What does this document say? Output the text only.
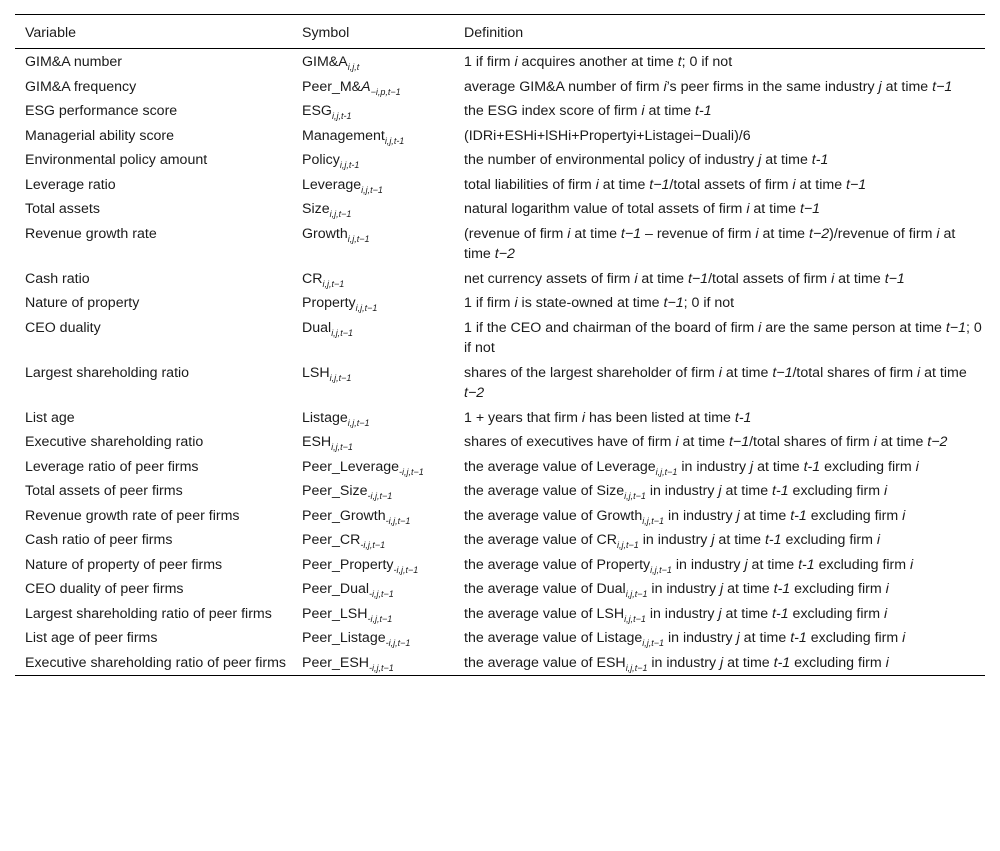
Variable	Symbol	Definition
GIM&A number	$GIM\&A_{i,j,t}$	1 if firm i acquires another at time t; 0 if not
GIM&A frequency	$Peer\_M\&A_{-i,p,t-1}$	average GIM&A number of firm i’s peer firms in the same industry j at time t−1
ESG performance score	$ESG_{i,j,t-1}$	the ESG index score of firm i at time t-1
Managerial ability score	Management$_{i,j,t-1}$	(IDRi+ESHi+lSHi+Propertyi+Listagei−Duali)/6
Environmental policy amount	Policy$_{i,j,t-1}$	the number of environmental policy of industry j at time t-1
Leverage ratio	Leverage$_{i,j,t-1}$	total liabilities of firm i at time t−1/total assets of firm i at time t−1
Total assets	Size$_{i,j,t-1}$	natural logarithm value of total assets of firm i at time t−1
Revenue growth rate	Growth$_{i,j,t-1}$	(revenue of firm i at time t−1 – revenue of firm i at time t−2)/revenue of firm i at time t−2
Cash ratio	$CR_{i,j,t-1}$	net currency assets of firm i at time t−1/total assets of firm i at time t−1
Nature of property	Property$_{i,j,t-1}$	1 if firm i is state-owned at time t−1; 0 if not
CEO duality	Dual$_{i,j,t-1}$	1 if the CEO and chairman of the board of firm i are the same person at time t−1; 0 if not
Largest shareholding ratio	$LSH_{i,j,t-1}$	shares of the largest shareholder of firm i at time t−1/total shares of firm i at time t−2
List age	Listage$_{i,j,t-1}$	1 + years that firm i has been listed at time t-1
Executive shareholding ratio	$ESH_{i,j,t-1}$	shares of executives have of firm i at time t−1/total shares of firm i at time t−2
Leverage ratio of peer firms	Peer_Leverage$_{-i,j,t-1}$	the average value of Leverage$_{i,j,t-1}$ in industry j at time t-1 excluding firm i
Total assets of peer firms	Peer_Size$_{-i,j,t-1}$	the average value of Size$_{i,j,t-1}$ in industry j at time t-1 excluding firm i
Revenue growth rate of peer firms	Peer_Growth$_{-i,j,t-1}$	the average value of Growth$_{i,j,t-1}$ in industry j at time t-1 excluding firm i
Cash ratio of peer firms	$Peer\_CR_{-i,j,t-1}$	the average value of $CR_{i,j,t-1}$ in industry j at time t-1 excluding firm i
Nature of property of peer firms	Peer_Property$_{-i,j,t-1}$	the average value of Property$_{i,j,t-1}$ in industry j at time t-1 excluding firm i
CEO duality of peer firms	Peer_Dual$_{-i,j,t-1}$	the average value of Dual$_{i,j,t-1}$ in industry j at time t-1 excluding firm i
Largest shareholding ratio of peer firms	$Peer\_LSH_{-i,j,t-1}$	the average value of $LSH_{i,j,t-1}$ in industry j at time t-1 excluding firm i
List age of peer firms	Peer_Listage$_{-i,j,t-1}$	the average value of Listage$_{i,j,t-1}$ in industry j at time t-1 excluding firm i
Executive shareholding ratio of peer firms	$Peer\_ESH_{-i,j,t-1}$	the average value of $ESH_{i,j,t-1}$ in industry j at time t-1 excluding firm i
